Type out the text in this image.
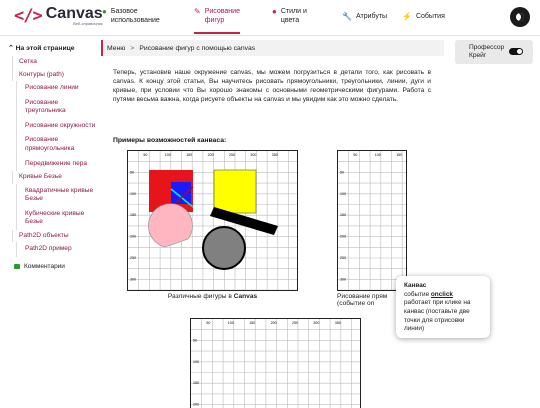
</> Canvas
Веб-справочник
● Базовое
использование
✎ Рисование
фигур
● Стили и
цвета	🔧 Атрибуты ⚡ События
⌃ На этой странице
Сетка
Контуры (path)
Рисование линии
Рисование треугольника
Рисование окружности
Рисование прямоугольника
Передвижение пера
Кривые Безье
Квадратичные кривые Безье
Кубические кривые Безье
Path2D объекты
Path2D пример
Комментарии
Меню > Рисование фигур с помощью canvas	Профессор
Крейг

Теперь, установив наше окружение canvas, мы можем погрузиться в детали того, как рисовать в canvas. К концу этой статьи, Вы научитесь рисовать прямоугольники, треугольники, линии, дуги и кривые, при условии что Вы хорошо знакомы с основными геометрическими фигурами. Работа с путями весьма важна, когда рисуете объекты на canvas и мы увидим как это можно сделать.

Примеры возможностей канваса:
50	100	150	200	250	300	350
50
100
150
200
250
300
Различные фигуры в Canvas
50	100	150
50
100
150
200
250
300
Рисование прям
(событие on
50	100	150	200	250	300	350
50
100
150
200
Канвас
событие onclick
работает при клике на канвас (поставьте две точки для отрисовки линии)
